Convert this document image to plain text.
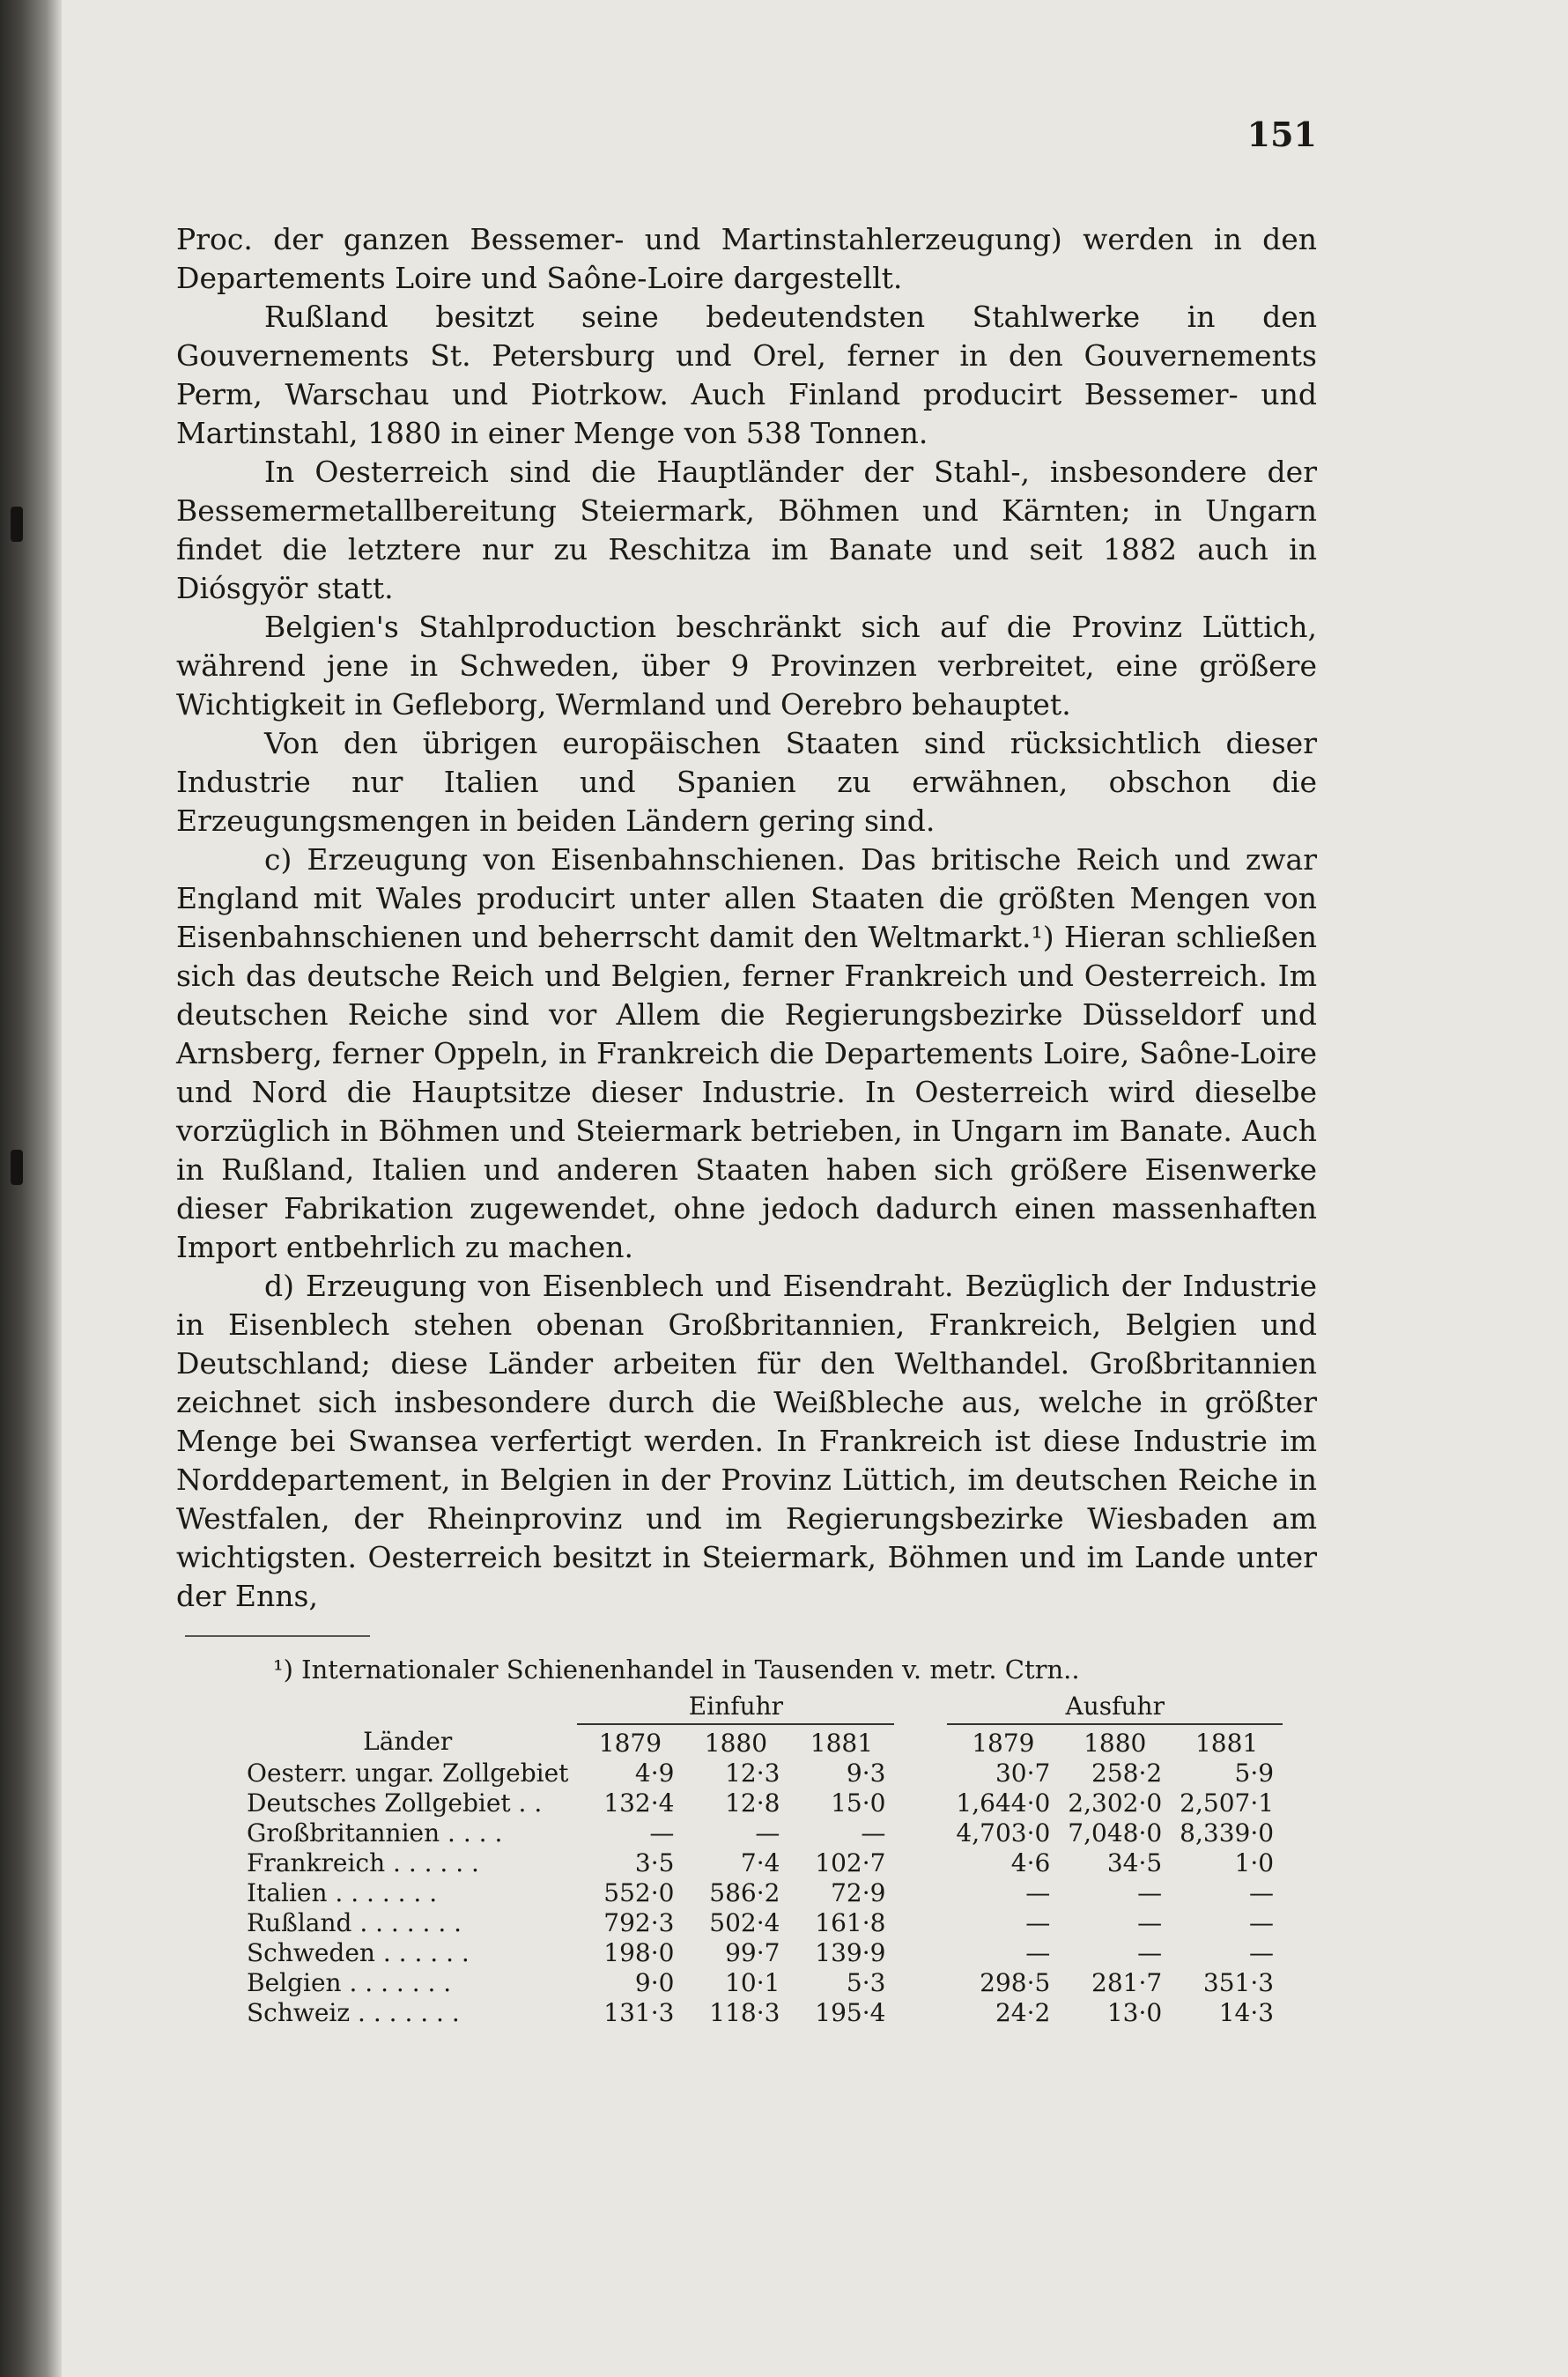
151

Proc. der ganzen Bessemer- und Martinstahlerzeugung) werden in den Departements Loire und Saône-Loire dargestellt.

Rußland besitzt seine bedeutendsten Stahlwerke in den Gouvernements St. Petersburg und Orel, ferner in den Gouvernements Perm, Warschau und Piotrkow. Auch Finland producirt Bessemer- und Martinstahl, 1880 in einer Menge von 538 Tonnen.

In Oesterreich sind die Hauptländer der Stahl-, insbesondere der Bessemermetallbereitung Steiermark, Böhmen und Kärnten; in Ungarn findet die letztere nur zu Reschitza im Banate und seit 1882 auch in Diósgyör statt.

Belgien's Stahlproduction beschränkt sich auf die Provinz Lüttich, während jene in Schweden, über 9 Provinzen verbreitet, eine größere Wichtigkeit in Gefleborg, Wermland und Oerebro behauptet.

Von den übrigen europäischen Staaten sind rücksichtlich dieser Industrie nur Italien und Spanien zu erwähnen, obschon die Erzeugungsmengen in beiden Ländern gering sind.

c) Erzeugung von Eisenbahnschienen. Das britische Reich und zwar England mit Wales producirt unter allen Staaten die größten Mengen von Eisenbahnschienen und beherrscht damit den Weltmarkt.¹) Hieran schließen sich das deutsche Reich und Belgien, ferner Frankreich und Oesterreich. Im deutschen Reiche sind vor Allem die Regierungsbezirke Düsseldorf und Arnsberg, ferner Oppeln, in Frankreich die Departements Loire, Saône-Loire und Nord die Hauptsitze dieser Industrie. In Oesterreich wird dieselbe vorzüglich in Böhmen und Steiermark betrieben, in Ungarn im Banate. Auch in Rußland, Italien und anderen Staaten haben sich größere Eisenwerke dieser Fabrikation zugewendet, ohne jedoch dadurch einen massenhaften Import entbehrlich zu machen.

d) Erzeugung von Eisenblech und Eisendraht. Bezüglich der Industrie in Eisenblech stehen obenan Großbritannien, Frankreich, Belgien und Deutschland; diese Länder arbeiten für den Welthandel. Großbritannien zeichnet sich insbesondere durch die Weißbleche aus, welche in größter Menge bei Swansea verfertigt werden. In Frankreich ist diese Industrie im Norddepartement, in Belgien in der Provinz Lüttich, im deutschen Reiche in Westfalen, der Rheinprovinz und im Regierungsbezirke Wiesbaden am wichtigsten. Oesterreich besitzt in Steiermark, Böhmen und im Lande unter der Enns,

¹) Internationaler Schienenhandel in Tausenden v. metr. Ctrn..
	Einfuhr				Ausfuhr		
Länder	1879	1880	1881		1879	1880	1881
Oesterr. ungar. Zollgebiet	4·9	12·3	9·3		30·7	258·2	5·9
Deutsches Zollgebiet . .	132·4	12·8	15·0		1,644·0	2,302·0	2,507·1
Großbritannien . . . .	—	—	—		4,703·0	7,048·0	8,339·0
Frankreich . . . . . .	3·5	7·4	102·7		4·6	34·5	1·0
Italien . . . . . . .	552·0	586·2	72·9		—	—	—
Rußland . . . . . . .	792·3	502·4	161·8		—	—	—
Schweden . . . . . .	198·0	99·7	139·9		—	—	—
Belgien . . . . . . .	9·0	10·1	5·3		298·5	281·7	351·3
Schweiz . . . . . . .	131·3	118·3	195·4		24·2	13·0	14·3
